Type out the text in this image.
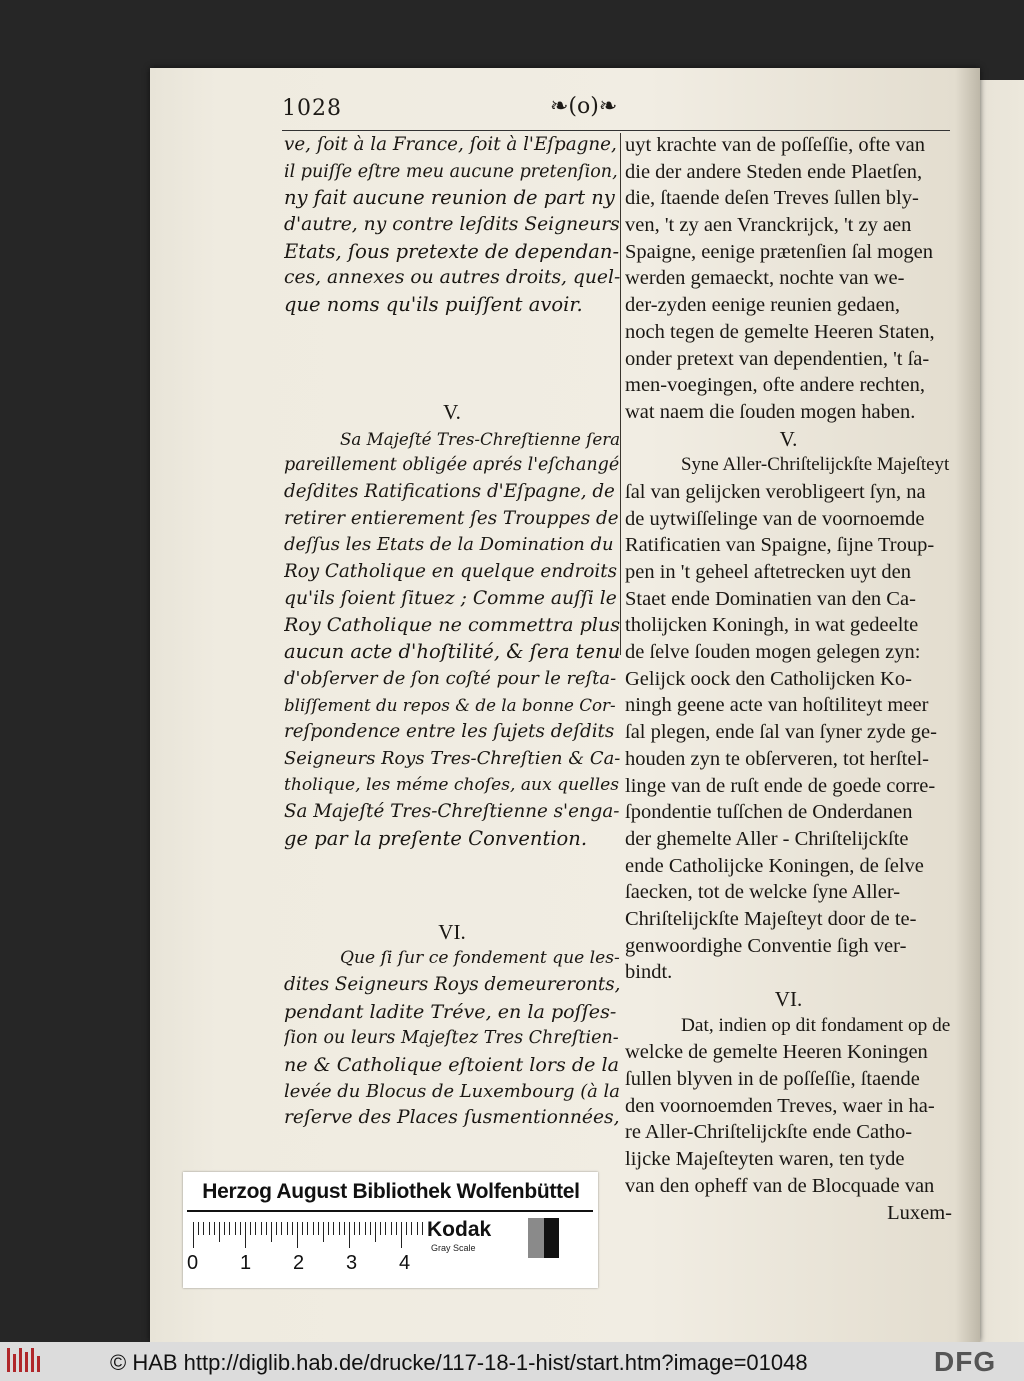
1028	❧(o)❧
ve, ſoit à la France, ſoit à l'Eſpagne,
il puiſſe eſtre meu aucune pretenſion,
ny fait aucune reunion de part ny
d'autre, ny contre leſdits Seigneurs
Etats, ſous pretexte de dependan-
ces, annexes ou autres droits, quel-
que noms qu'ils puiſſent avoir.
V.
Sa Majeſté Tres-Chreſtienne ſera
pareillement obligée aprés l'eſchangé
deſdites Ratifications d'Eſpagne, de
retirer entierement ſes Trouppes de
deſſus les Etats de la Domination du
Roy Catholique en quelque endroits
qu'ils ſoient ſituez ; Comme auſſi le
Roy Catholique ne commettra plus
aucun acte d'hoſtilité, & ſera tenu
d'obſerver de ſon coſté pour le reſta-
bliſſement du repos & de la bonne Cor-
reſpondence entre les ſujets deſdits
Seigneurs Roys Tres-Chreſtien & Ca-
tholique, les méme choſes, aux quelles
Sa Majeſté Tres-Chreſtienne s'enga-
ge par la preſente Convention.
VI.
Que ſi ſur ce fondement que les-
dites Seigneurs Roys demeureronts,
pendant ladite Tréve, en la poſſes-
ſion ou leurs Majeſtez Tres Chreſtien-
ne & Catholique eſtoient lors de la
levée du Blocus de Luxembourg (à la
reſerve des Places ſusmentionnées,
uyt krachte van de poſſeſſie, ofte van
die der andere Steden ende Plaetſen,
die, ſtaende deſen Treves ſullen bly-
ven, 't zy aen Vranckrijck, 't zy aen
Spaigne, eenige prætenſien ſal mogen
werden gemaeckt, nochte van we-
der-zyden eenige reunien gedaen,
noch tegen de gemelte Heeren Staten,
onder pretext van dependentien, 't ſa-
men-voegingen, ofte andere rechten,
wat naem die ſouden mogen haben.
V.
Syne Aller-Chriſtelijckſte Majeſteyt
ſal van gelijcken verobligeert ſyn, na
de uytwiſſelinge van de voornoemde
Ratificatien van Spaigne, ſijne Troup-
pen in 't geheel aftetrecken uyt den
Staet ende Dominatien van den Ca-
tholijcken Koningh, in wat gedeelte
de ſelve ſouden mogen gelegen zyn:
Gelijck oock den Catholijcken Ko-
ningh geene acte van hoſtiliteyt meer
ſal plegen, ende ſal van ſyner zyde ge-
houden zyn te obſerveren, tot herſtel-
linge van de ruſt ende de goede corre-
ſpondentie tuſſchen de Onderdanen
der ghemelte Aller - Chriſtelijckſte
ende Catholijcke Koningen, de ſelve
ſaecken, tot de welcke ſyne Aller-
Chriſtelijckſte Majeſteyt door de te-
genwoordighe Conventie ſigh ver-
bindt.
VI.
Dat, indien op dit fondament op de
welcke de gemelte Heeren Koningen
ſullen blyven in de poſſeſſie, ſtaende
den voornoemden Treves, waer in ha-
re Aller-Chriſtelijckſte ende Catho-
lijcke Majeſteyten waren, ten tyde
van den opheff van de Blocquade van
Luxem-
Herzog August Bibliothek Wolfenbüttel
0 1 2 3 4
Kodak
Gray Scale
© HAB http://diglib.hab.de/drucke/117-18-1-hist/start.htm?image=01048	DFG
